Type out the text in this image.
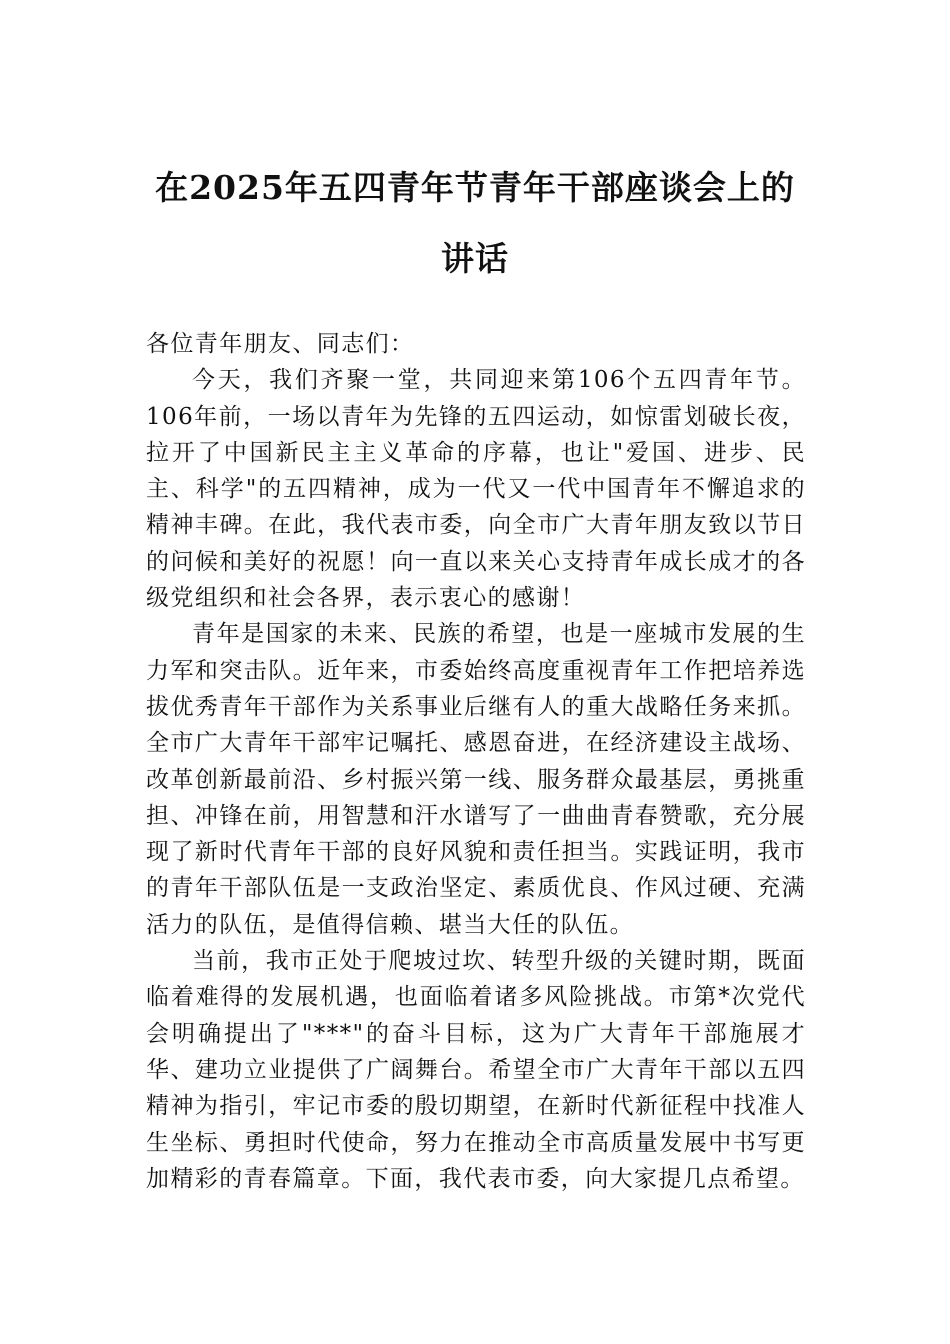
在2025年五四青年节青年干部座谈会上的
讲话

各位青年朋友、同志们：

今天，我们齐聚一堂，共同迎来第106个五四青年节。106年前，一场以青年为先锋的五四运动，如惊雷划破长夜，拉开了中国新民主主义革命的序幕，也让"爱国、进步、民主、科学"的五四精神，成为一代又一代中国青年不懈追求的精神丰碑。在此，我代表市委，向全市广大青年朋友致以节日的问候和美好的祝愿！向一直以来关心支持青年成长成才的各级党组织和社会各界，表示衷心的感谢！

青年是国家的未来、民族的希望，也是一座城市发展的生力军和突击队。近年来，市委始终高度重视青年工作把培养选拔优秀青年干部作为关系事业后继有人的重大战略任务来抓。全市广大青年干部牢记嘱托、感恩奋进，在经济建设主战场、改革创新最前沿、乡村振兴第一线、服务群众最基层，勇挑重担、冲锋在前，用智慧和汗水谱写了一曲曲青春赞歌，充分展现了新时代青年干部的良好风貌和责任担当。实践证明，我市的青年干部队伍是一支政治坚定、素质优良、作风过硬、充满活力的队伍，是值得信赖、堪当大任的队伍。

当前，我市正处于爬坡过坎、转型升级的关键时期，既面临着难得的发展机遇，也面临着诸多风险挑战。市第*次党代会明确提出了"***"的奋斗目标，这为广大青年干部施展才华、建功立业提供了广阔舞台。希望全市广大青年干部以五四精神为指引，牢记市委的殷切期望，在新时代新征程中找准人生坐标、勇担时代使命，努力在推动全市高质量发展中书写更加精彩的青春篇章。下面，我代表市委，向大家提几点希望。
